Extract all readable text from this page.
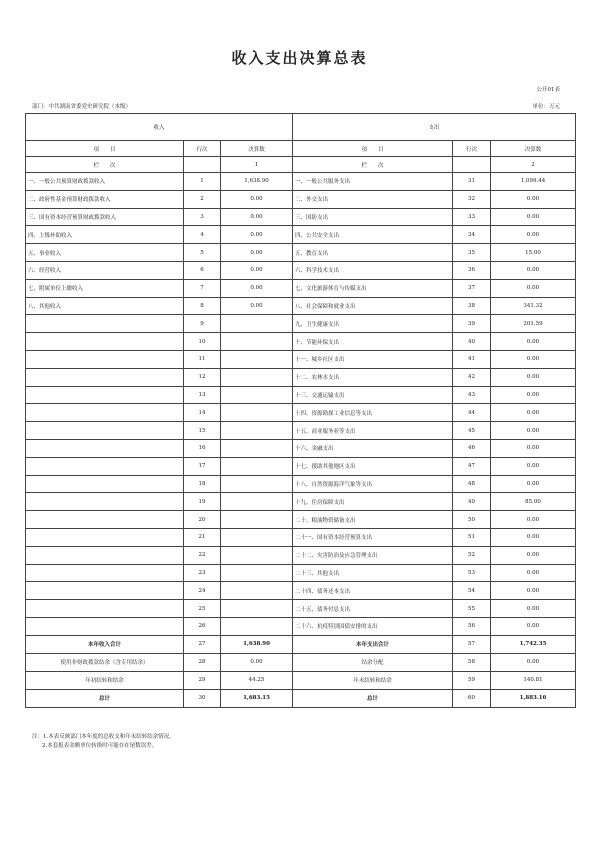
收入支出决算总表
公开01表
部门：中共湖南省委党史研究院（本级）	单位：万元
收入			支出		
项　　目	行次	决算数	项　　目	行次	决算数
栏　　次		1	栏　　次		2
一、一般公共预算财政拨款收入	1	1,638.90	一、一般公共服务支出	31	1,099.44
二、政府性基金预算财政拨款收入	2	0.00	二、外交支出	32	0.00
三、国有资本经营预算财政拨款收入	3	0.00	三、国防支出	33	0.00
四、上级补助收入	4	0.00	四、公共安全支出	34	0.00
五、事业收入	5	0.00	五、教育支出	35	15.00
六、经营收入	6	0.00	六、科学技术支出	36	0.00
七、附属单位上缴收入	7	0.00	七、文化旅游体育与传媒支出	37	0.00
八、其他收入	8	0.00	八、社会保障和就业支出	38	341.32
	9		九、卫生健康支出	39	201.59
	10		十、节能环保支出	40	0.00
	11		十一、城乡社区支出	41	0.00
	12		十二、农林水支出	42	0.00
	13		十三、交通运输支出	43	0.00
	14		十四、资源勘探工业信息等支出	44	0.00
	15		十五、商业服务业等支出	45	0.00
	16		十六、金融支出	46	0.00
	17		十七、援助其他地区支出	47	0.00
	18		十八、自然资源海洋气象等支出	48	0.00
	19		十九、住房保障支出	49	85.00
	20		二十、粮油物资储备支出	50	0.00
	21		二十一、国有资本经营预算支出	51	0.00
	22		二十二、灾害防治及应急管理支出	52	0.00
	23		二十三、其他支出	53	0.00
	24		二十四、债务还本支出	54	0.00
	25		二十五、债务付息支出	55	0.00
	26		二十六、抗疫特别国债安排的支出	56	0.00
本年收入合计	27	1,638.90	本年支出合计	57	1,742.35
使用非财政拨款结余（含专用结余）	28	0.00	结余分配	58	0.00
年初结转和结余	29	44.25	年末结转和结余	59	140.81
总计	30	1,683.15	总计	60	1,883.16
注：1.本表反映部门本年度的总收支和年末结转结余情况。
2.本套报表金额单位转换时可能存在尾数误差。
